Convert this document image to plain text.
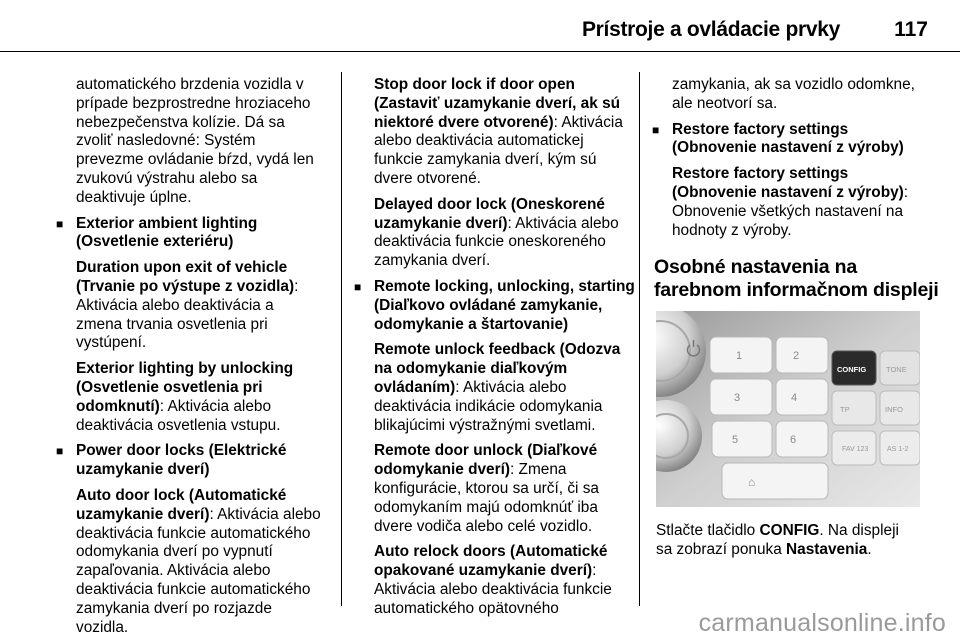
Prístroje a ovládacie prvky	117

automatického brzdenia vozidla v

prípade bezprostredne hroziaceho

nebezpečenstva kolízie. Dá sa

zvoliť nasledovné: Systém

prevezme ovládanie bŕzd, vydá len

zvukovú výstrahu alebo sa

deaktivuje úplne.

■ Exterior ambient lighting

(Osvetlenie exteriéru)

Duration upon exit of vehicle

(Trvanie po výstupe z vozidla):

Aktivácia alebo deaktivácia a

zmena trvania osvetlenia pri

vystúpení.

Exterior lighting by unlocking

(Osvetlenie osvetlenia pri

odomknutí): Aktivácia alebo

deaktivácia osvetlenia vstupu.

■ Power door locks (Elektrické

uzamykanie dverí)

Auto door lock (Automatické

uzamykanie dverí): Aktivácia alebo

deaktivácia funkcie automatického

odomykania dverí po vypnutí

zapaľovania. Aktivácia alebo

deaktivácia funkcie automatického

zamykania dverí po rozjazde

vozidla.

Stop door lock if door open

(Zastaviť uzamykanie dverí, ak sú

niektoré dvere otvorené): Aktivácia

alebo deaktivácia automatickej

funkcie zamykania dverí, kým sú

dvere otvorené.

Delayed door lock (Oneskorené

uzamykanie dverí): Aktivácia alebo

deaktivácia funkcie oneskoreného

zamykania dverí.

■ Remote locking, unlocking, starting

(Diaľkovo ovládané zamykanie,

odomykanie a štartovanie)

Remote unlock feedback (Odozva

na odomykanie diaľkovým

ovládaním): Aktivácia alebo

deaktivácia indikácie odomykania

blikajúcimi výstražnými svetlami.

Remote door unlock (Diaľkové

odomykanie dverí): Zmena

konfigurácie, ktorou sa určí, či sa

odomykaním majú odomknúť iba

dvere vodiča alebo celé vozidlo.

Auto relock doors (Automatické

opakované uzamykanie dverí):

Aktivácia alebo deaktivácia funkcie

automatického opätovného

zamykania, ak sa vozidlo odomkne,

ale neotvorí sa.

■ Restore factory settings

(Obnovenie nastavení z výroby)

Restore factory settings

(Obnovenie nastavení z výroby):

Obnovenie všetkých nastavení na

hodnoty z výroby.

Osobné nastavenia na

farebnom informačnom displeji

1	2
3	4
5	6
⌂
CONFIG	TONE
TP	INFO
FAV 123	AS 1-2

Stlačte tlačidlo CONFIG. Na displeji

sa zobrazí ponuka Nastavenia.

carmanualsonline.info
